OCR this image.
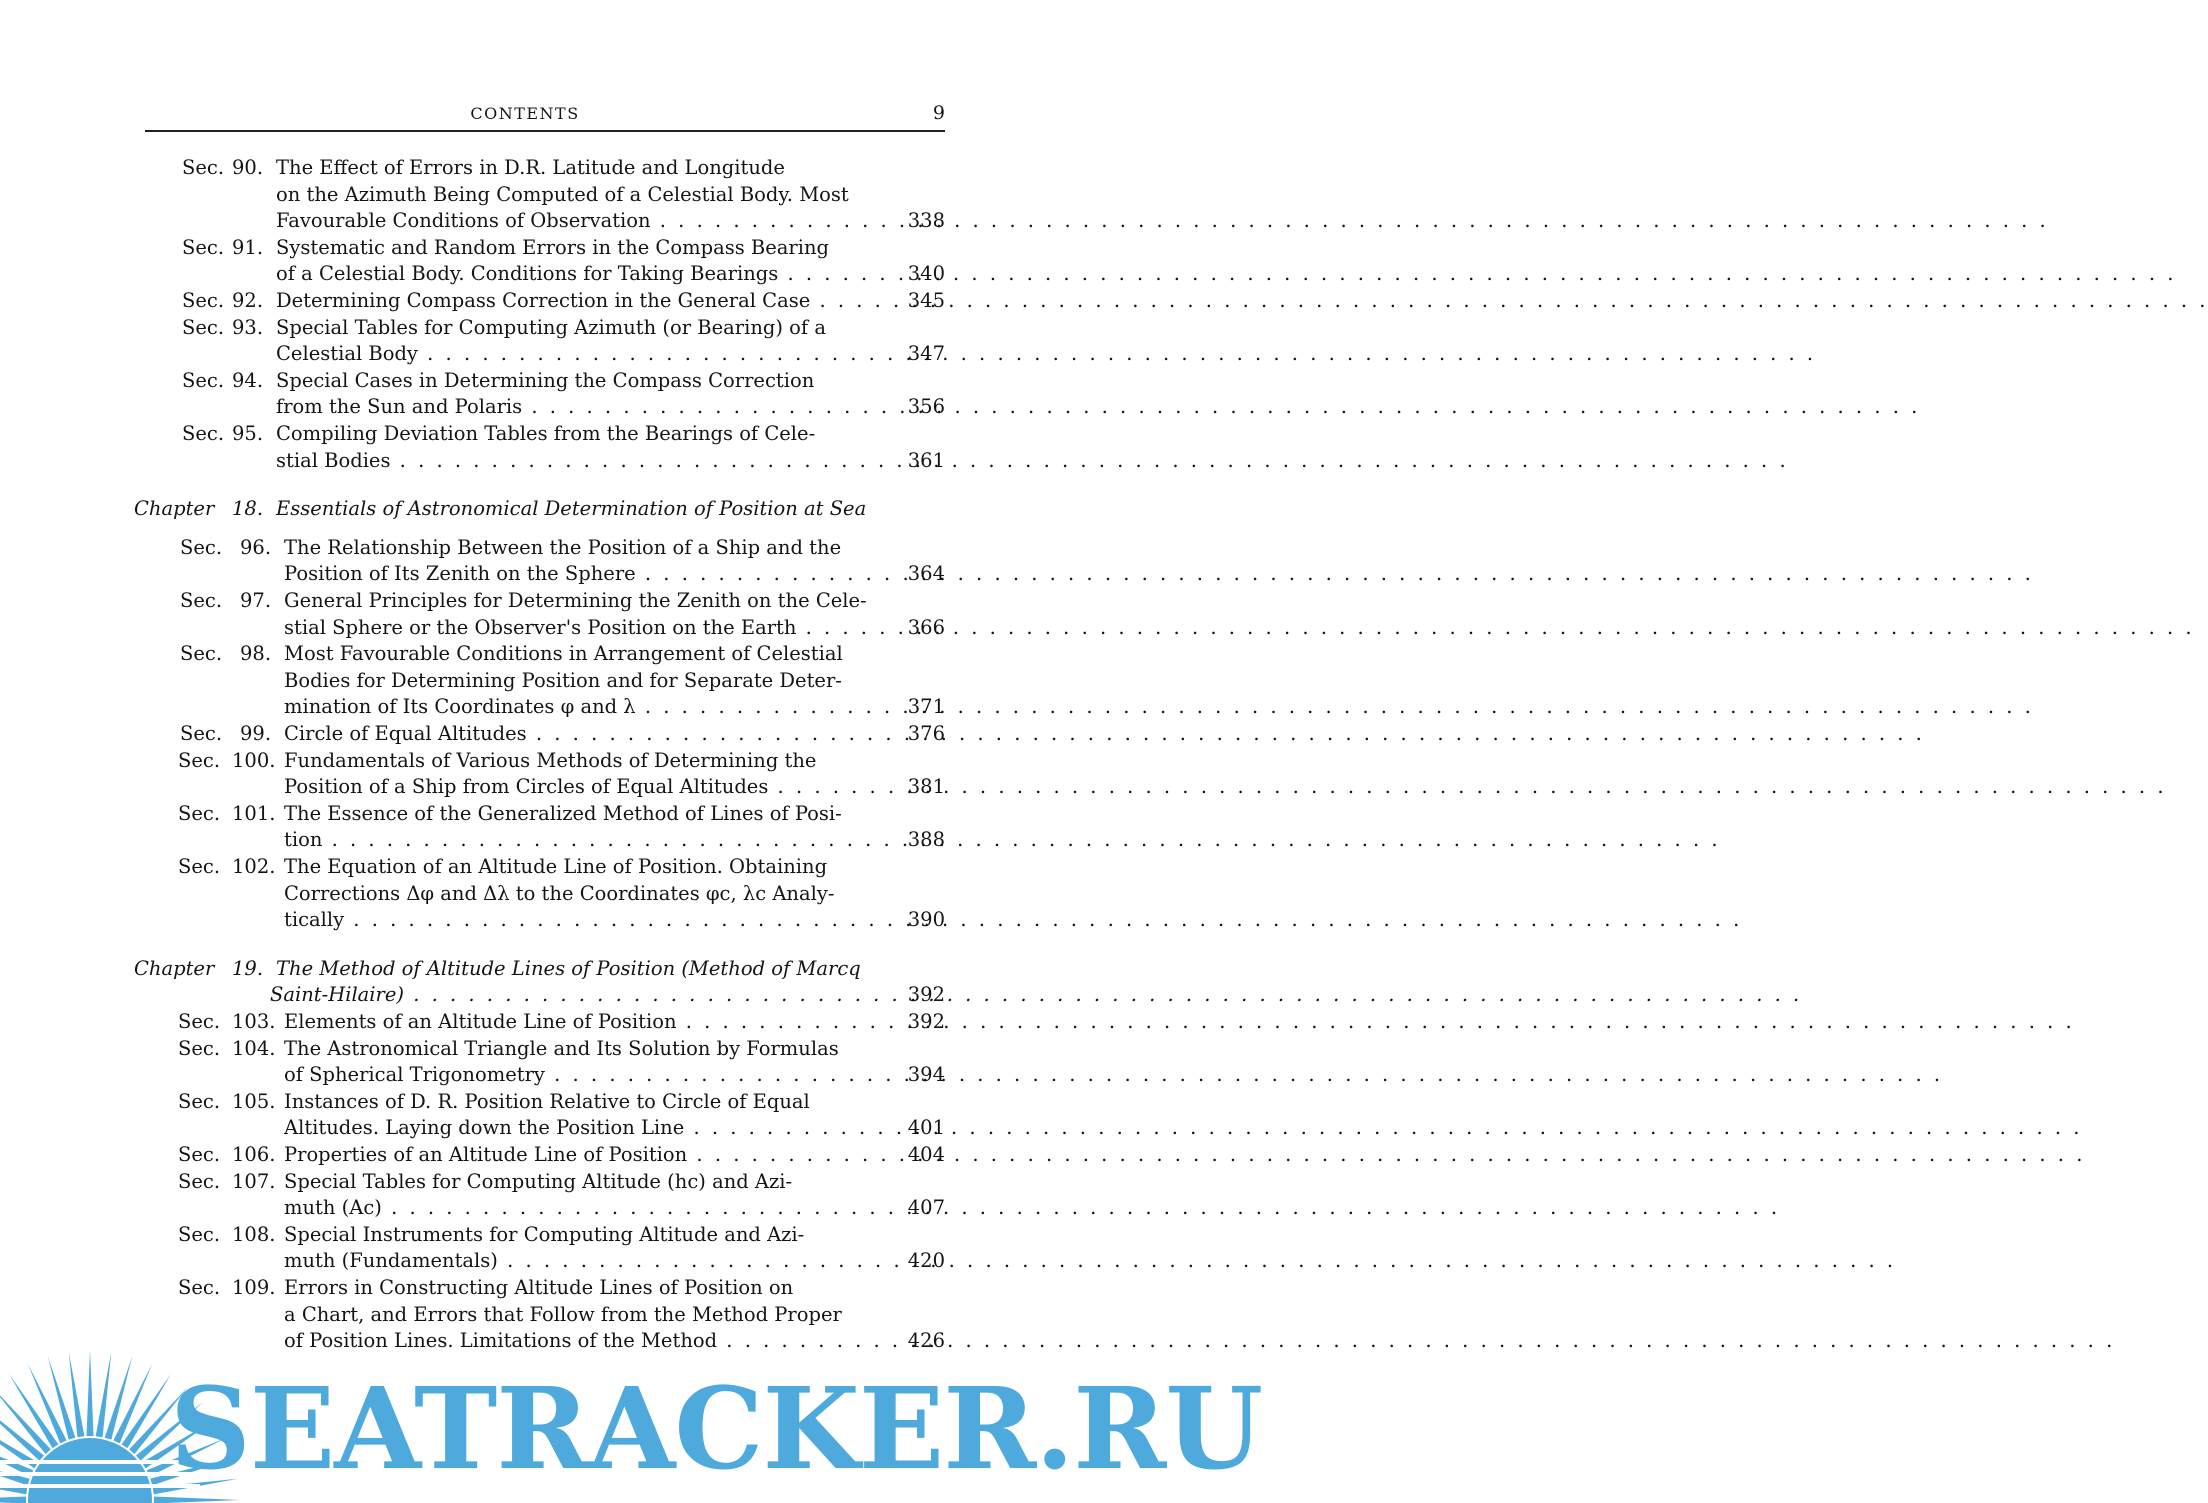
CONTENTS	9
Sec. 90. The Effect of Errors in D.R. Latitude and Longitude
on the Azimuth Being Computed of a Celestial Body. Most
Favourable Conditions of Observation . . .	338
Sec. 91. Systematic and Random Errors in the Compass Bearing
of a Celestial Body. Conditions for Taking Bearings . . .	340
Sec. 92. Determining Compass Correction in the General Case . . .	345
Sec. 93. Special Tables for Computing Azimuth (or Bearing) of a
Celestial Body . . .	347
Sec. 94. Special Cases in Determining the Compass Correction
from the Sun and Polaris . . .	356
Sec. 95. Compiling Deviation Tables from the Bearings of Cele-
stial Bodies . . .	361
Chapter 18. Essentials of Astronomical Determination of Position at Sea
Sec. 96. The Relationship Between the Position of a Ship and the
Position of Its Zenith on the Sphere . . .	364
Sec. 97. General Principles for Determining the Zenith on the Cele-
stial Sphere or the Observer's Position on the Earth . . .	366
Sec. 98. Most Favourable Conditions in Arrangement of Celestial
Bodies for Determining Position and for Separate Deter-
mination of Its Coordinates φ and λ . . .	371
Sec. 99. Circle of Equal Altitudes . . .	376
Sec. 100. Fundamentals of Various Methods of Determining the
Position of a Ship from Circles of Equal Altitudes . . .	381
Sec. 101. The Essence of the Generalized Method of Lines of Posi-
tion . . .	388
Sec. 102. The Equation of an Altitude Line of Position. Obtaining
Corrections Δφ and Δλ to the Coordinates φc, λc Analy-
tically . . .	390
Chapter 19. The Method of Altitude Lines of Position (Method of Marcq
Saint-Hilaire) . . .	392
Sec. 103. Elements of an Altitude Line of Position . . .	392
Sec. 104. The Astronomical Triangle and Its Solution by Formulas
of Spherical Trigonometry . . .	394
Sec. 105. Instances of D. R. Position Relative to Circle of Equal
Altitudes. Laying down the Position Line . . .	401
Sec. 106. Properties of an Altitude Line of Position . . .	404
Sec. 107. Special Tables for Computing Altitude (hc) and Azi-
muth (Ac) . . .	407
Sec. 108. Special Instruments for Computing Altitude and Azi-
muth (Fundamentals) . . .	420
Sec. 109. Errors in Constructing Altitude Lines of Position on
a Chart, and Errors that Follow from the Method Proper
of Position Lines. Limitations of the Method . . .	426
SEATRACKER.RU
